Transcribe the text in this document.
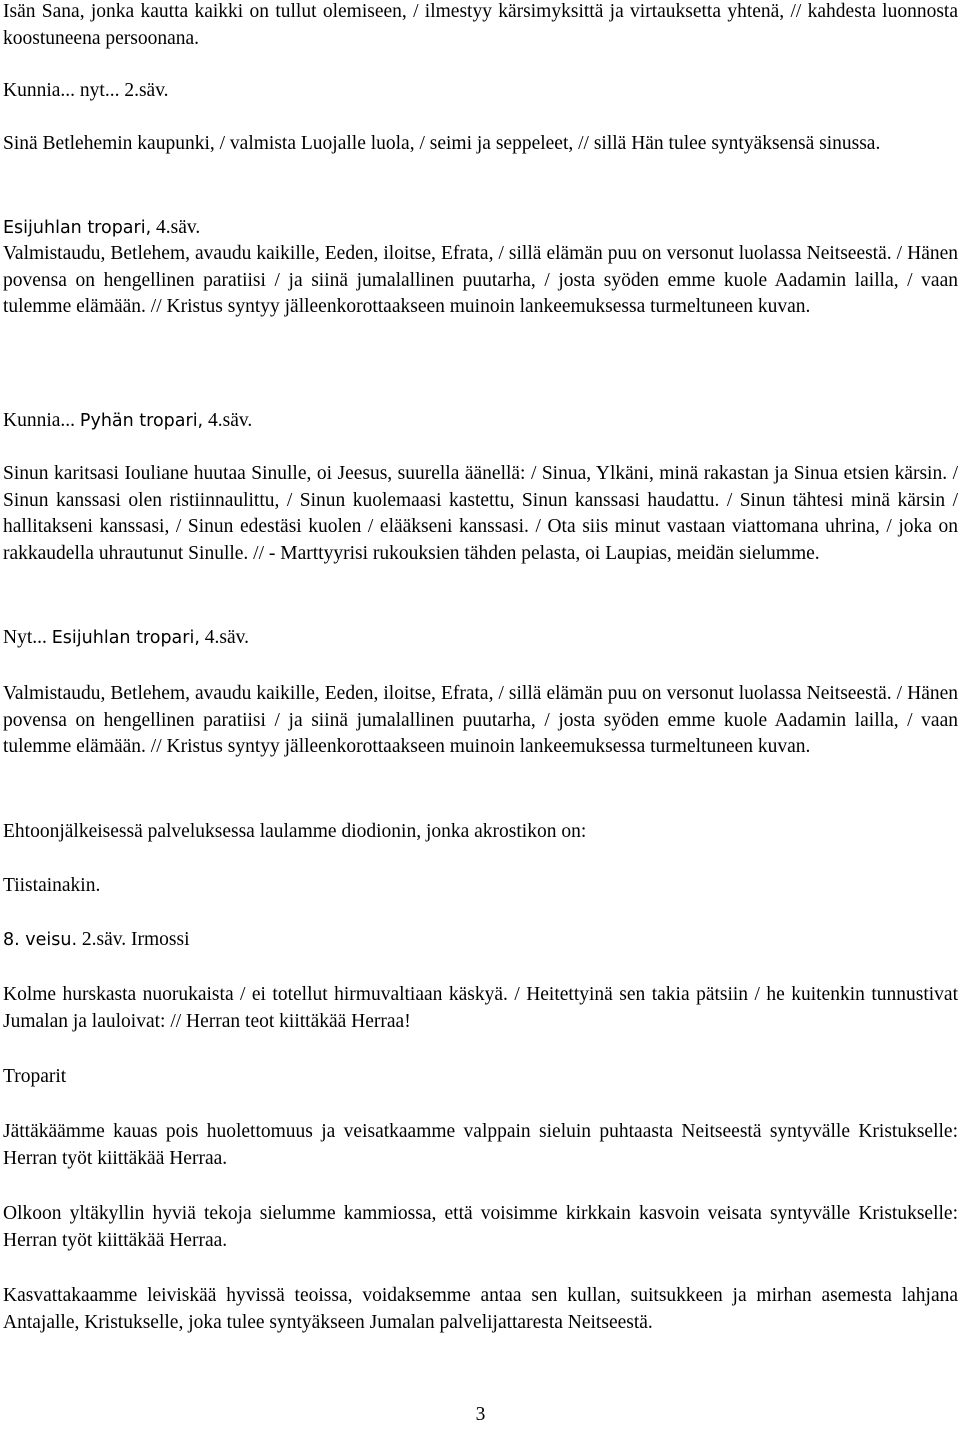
Isän Sana, jonka kautta kaikki on tullut olemiseen, / ilmestyy kärsimyksittä ja virtauksetta yhtenä, // kahdesta luonnosta koostuneena persoonana.

Kunnia... nyt... 2.säv.

Sinä Betlehemin kaupunki, / valmista Luojalle luola, / seimi ja seppeleet, // sillä Hän tulee syntyäksensä sinussa.

Esijuhlan tropari, 4.säv.

Valmistaudu, Betlehem, avaudu kaikille, Eeden, iloitse, Efrata, / sillä elämän puu on versonut luolassa Neitseestä. / Hänen povensa on hengellinen paratiisi / ja siinä jumalallinen puutarha, / josta syöden emme kuole Aadamin lailla, / vaan tulemme elämään. // Kristus syntyy jälleenkorottaakseen muinoin lankeemuksessa turmeltuneen kuvan.

Kunnia... Pyhän tropari, 4.säv.

Sinun karitsasi Iouliane huutaa Sinulle, oi Jeesus, suurella äänellä: / Sinua, Ylkäni, minä rakastan ja Sinua etsien kärsin. / Sinun kanssasi olen ristiinnaulittu, / Sinun kuolemaasi kastettu, Sinun kanssasi haudattu. / Sinun tähtesi minä kärsin / hallitakseni kanssasi, / Sinun edestäsi kuolen / elääkseni kanssasi. / Ota siis minut vastaan viattomana uhrina, / joka on rakkaudella uhrautunut Sinulle. // - Marttyyrisi rukouksien tähden pelasta, oi Laupias, meidän sielumme.

Nyt... Esijuhlan tropari, 4.säv.

Valmistaudu, Betlehem, avaudu kaikille, Eeden, iloitse, Efrata, / sillä elämän puu on versonut luolassa Neitseestä. / Hänen povensa on hengellinen paratiisi / ja siinä jumalallinen puutarha, / josta syöden emme kuole Aadamin lailla, / vaan tulemme elämään. // Kristus syntyy jälleenkorottaakseen muinoin lankeemuksessa turmeltuneen kuvan.

Ehtoonjälkeisessä palveluksessa laulamme diodionin, jonka akrostikon on:

Tiistainakin.

8. veisu. 2.säv. Irmossi

Kolme hurskasta nuorukaista / ei totellut hirmuvaltiaan käskyä. / Heitettyinä sen takia pätsiin / he kuitenkin tunnustivat Jumalan ja lauloivat: // Herran teot kiittäkää Herraa!

Troparit

Jättäkäämme kauas pois huolettomuus ja veisatkaamme valppain sieluin puhtaasta Neitseestä syntyvälle Kristukselle: Herran työt kiittäkää Herraa.

Olkoon yltäkyllin hyviä tekoja sielumme kammiossa, että voisimme kirkkain kasvoin veisata syntyvälle Kristukselle: Herran työt kiittäkää Herraa.

Kasvattakaamme leiviskää hyvissä teoissa, voidaksemme antaa sen kullan, suitsukkeen ja mirhan asemesta lahjana Antajalle, Kristukselle, joka tulee syntyäkseen Jumalan palvelijattaresta Neitseestä.

3
